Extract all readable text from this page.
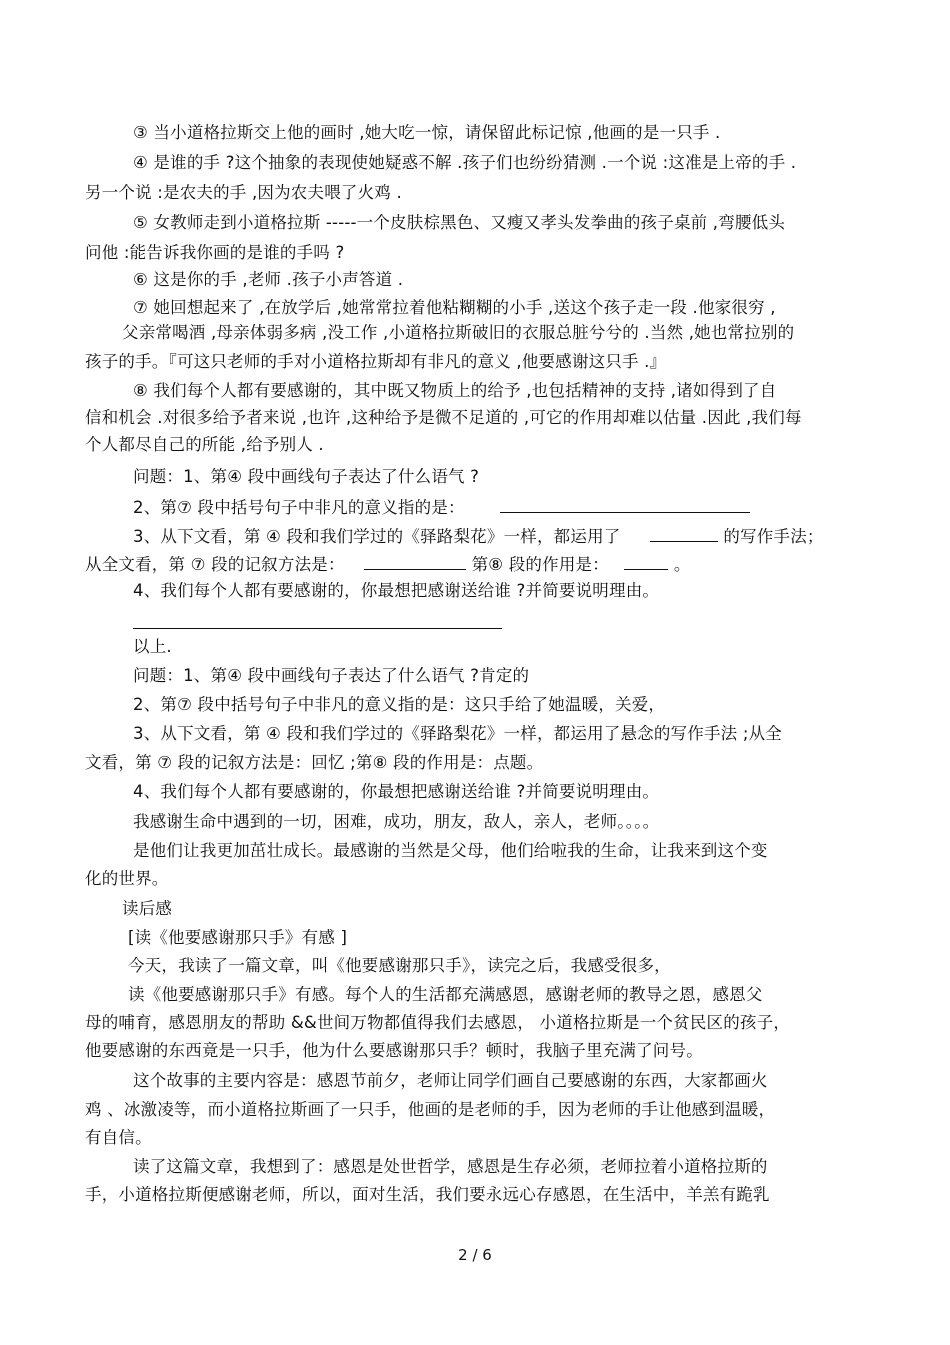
③ 当小道格拉斯交上他的画时 ,她大吃一惊，请保留此标记惊 ,他画的是一只手 .
④ 是谁的手 ?这个抽象的表现使她疑惑不解 .孩子们也纷纷猜测 .一个说 :这准是上帝的手 .
另一个说 :是农夫的手 ,因为农夫喂了火鸡 .
⑤ 女教师走到小道格拉斯 -----一个皮肤棕黑色、又瘦又孝头发拳曲的孩子桌前 ,弯腰低头
问他 :能告诉我你画的是谁的手吗 ?
⑥ 这是你的手 ,老师 .孩子小声答道 .
⑦ 她回想起来了 ,在放学后 ,她常常拉着他粘糊糊的小手 ,送这个孩子走一段 .他家很穷 ,
父亲常喝酒 ,母亲体弱多病 ,没工作 ,小道格拉斯破旧的衣服总脏兮兮的 .当然 ,她也常拉别的
孩子的手。『可这只老师的手对小道格拉斯却有非凡的意义 ,他要感谢这只手 .』
⑧ 我们每个人都有要感谢的，其中既又物质上的给予 ,也包括精神的支持 ,诸如得到了自
信和机会 .对很多给予者来说 ,也许 ,这种给予是微不足道的 ,可它的作用却难以估量 .因此 ,我们每
个人都尽自己的所能 ,给予别人 .
问题：1、第④ 段中画线句子表达了什么语气 ?
2、第⑦ 段中括号句子中非凡的意义指的是：
3、从下文看，第 ④ 段和我们学过的《驿路梨花》一样，都运用了	的写作手法；
从全文看，第 ⑦ 段的记叙方法是：	第⑧ 段的作用是：	。
4、我们每个人都有要感谢的，你最想把感谢送给谁 ?并简要说明理由。
以上.
问题：1、第④ 段中画线句子表达了什么语气 ?肯定的
2、第⑦ 段中括号句子中非凡的意义指的是：这只手给了她温暖，关爱，
3、从下文看，第 ④ 段和我们学过的《驿路梨花》一样，都运用了悬念的写作手法 ;从全
文看，第 ⑦ 段的记叙方法是：回忆 ;第⑧ 段的作用是：点题。
4、我们每个人都有要感谢的，你最想把感谢送给谁 ?并简要说明理由。
我感谢生命中遇到的一切，困难，成功，朋友，敌人，亲人，老师。。。。
是他们让我更加茁壮成长。最感谢的当然是父母，他们给啦我的生命，让我来到这个变
化的世界。
读后感
[读《他要感谢那只手》有感 ]
今天，我读了一篇文章，叫《他要感谢那只手》，读完之后，我感受很多，
读《他要感谢那只手》有感。每个人的生活都充满感恩，感谢老师的教导之恩，感恩父
母的哺育，感恩朋友的帮助 &&世间万物都值得我们去感恩， 小道格拉斯是一个贫民区的孩子，
他要感谢的东西竟是一只手，他为什么要感谢那只手？顿时，我脑子里充满了问号。
这个故事的主要内容是：感恩节前夕，老师让同学们画自己要感谢的东西，大家都画火
鸡 、冰激凌等，而小道格拉斯画了一只手，他画的是老师的手，因为老师的手让他感到温暖，
有自信。
读了这篇文章，我想到了：感恩是处世哲学，感恩是生存必须，老师拉着小道格拉斯的
手，小道格拉斯便感谢老师，所以，面对生活，我们要永远心存感恩，在生活中，羊羔有跪乳
2 / 6
